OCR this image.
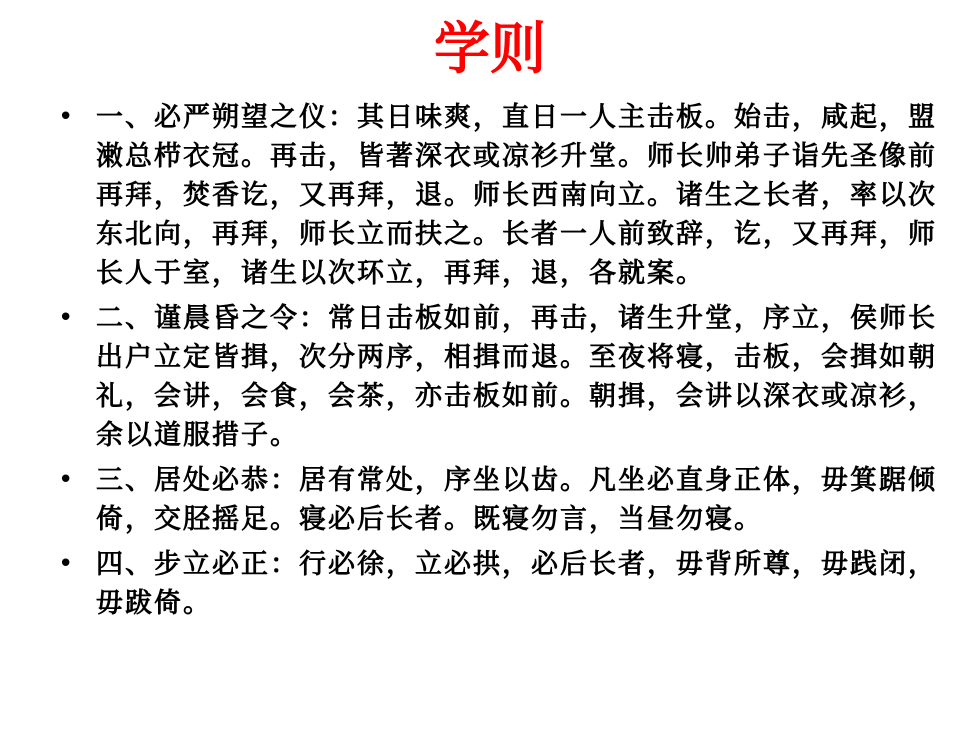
学则
• 一、必严朔望之仪：其日味爽，直日一人主击板。始击，咸起，盟潄总栉衣冠。再击，皆著深衣或凉衫升堂。师长帅弟子诣先圣像前再拜，焚香讫，又再拜，退。师长西南向立。诸生之长者，率以次东北向，再拜，师长立而扶之。长者一人前致辞，讫，又再拜，师长人于室，诸生以次环立，再拜，退，各就案。
• 二、谨晨昏之令：常日击板如前，再击，诸生升堂，序立，侯师长出户立定皆揖，次分两序，相揖而退。至夜将寝，击板，会揖如朝礼，会讲，会食，会茶，亦击板如前。朝揖，会讲以深衣或凉衫，余以道服措子。
• 三、居处必恭：居有常处，序坐以齿。凡坐必直身正体，毋箕踞倾倚，交胫摇足。寝必后长者。既寝勿言，当昼勿寝。
• 四、步立必正：行必徐，立必拱，必后长者，毋背所尊，毋践闭，毋跋倚。
